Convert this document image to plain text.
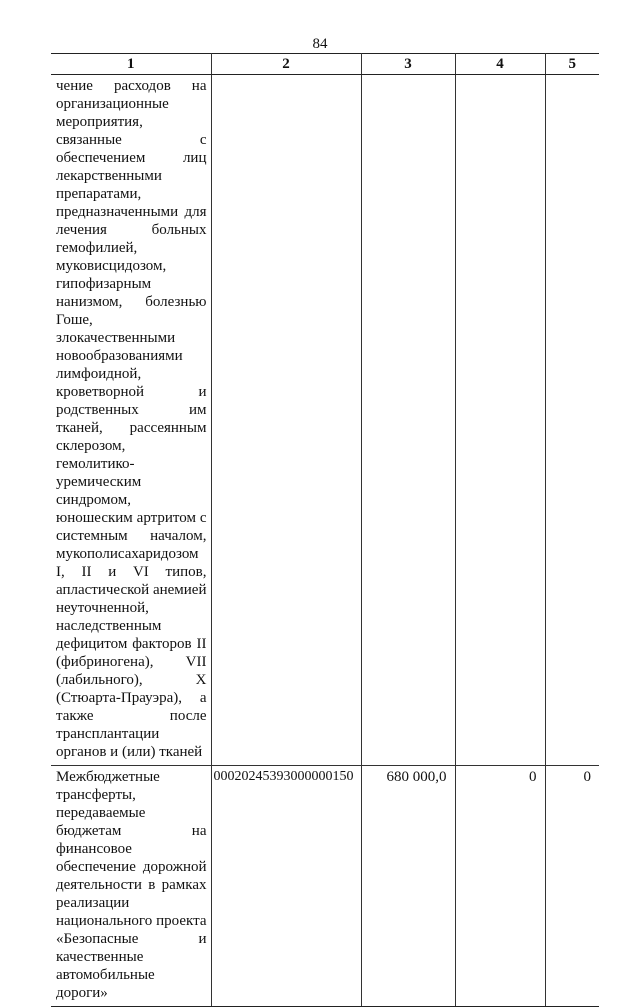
84
1	2	3	4	5
чение расходов на организационные мероприятия, связанные с обеспечением лиц лекарственными препаратами, предназначенными для лечения больных гемофилией, муковисцидозом, гипофизарным нанизмом, болезнью Гоше, злокачественными новообразованиями лимфоидной, кроветворной и родственных им тканей, рассеянным склерозом, гемолитико-уремическим синдромом, юношеским артритом с системным началом, мукополисахаридозом I, II и VI типов, апластической анемией неуточненной, наследственным дефицитом факторов II (фибриногена), VII (лабильного), X (Стюарта-Прауэра), а также после трансплантации органов и (или) тканей				
Межбюджетные трансферты, передаваемые бюджетам на финансовое обеспечение дорожной деятельности в рамках реализации национального проекта «Безопасные и качественные автомобильные дороги»	00020245393000000150	680 000,0	0	0
